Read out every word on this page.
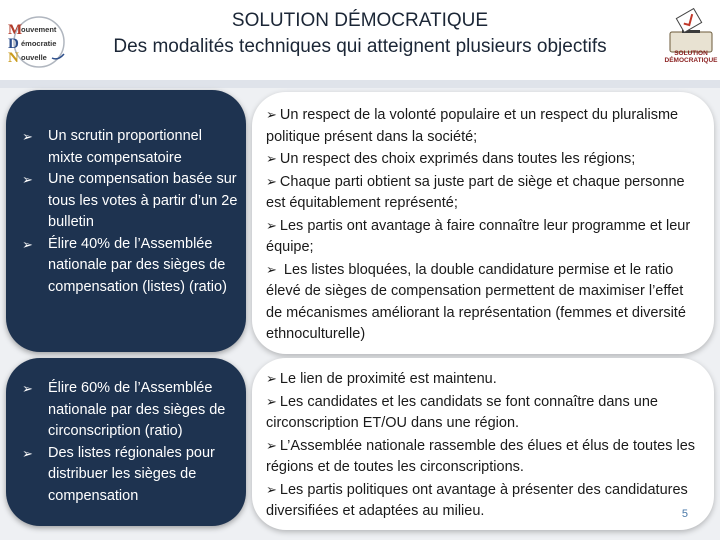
M
D
N
ouvement
émocratie
ouvelle
SOLUTION DÉMOCRATIQUE
Des modalités techniques qui atteignent plusieurs objectifs	SOLUTION
DÉMOCRATIQUE
➢ Un scrutin proportionnel mixte compensatoire
➢ Une compensation basée sur tous les votes à partir d’un 2e bulletin
➢ Élire 40% de l’Assemblée nationale par des sièges de compensation (listes) (ratio)

➢ Un respect de la volonté populaire et un respect du pluralisme politique présent dans la société;

➢ Un respect des choix exprimés dans toutes les régions;

➢ Chaque parti obtient sa juste part de siège et chaque personne est équitablement représenté;

➢ Les partis ont avantage à faire connaître leur programme et leur équipe;

➢ Les listes bloquées, la double candidature permise et le ratio élevé de sièges de compensation permettent de maximiser l’effet de mécanismes améliorant la représentation (femmes et diversité ethnoculturelle)

➢ Élire 60% de l’Assemblée nationale par des sièges de circonscription (ratio)
➢ Des listes régionales pour distribuer les sièges de compensation

➢ Le lien de proximité est maintenu.

➢ Les candidates et les candidats se font connaître dans une circonscription ET/OU dans une région.

➢ L’Assemblée nationale rassemble des élues et élus de toutes les régions et de toutes les circonscriptions.

➢ Les partis politiques ont avantage à présenter des candidatures diversifiées et adaptées au milieu.	5
